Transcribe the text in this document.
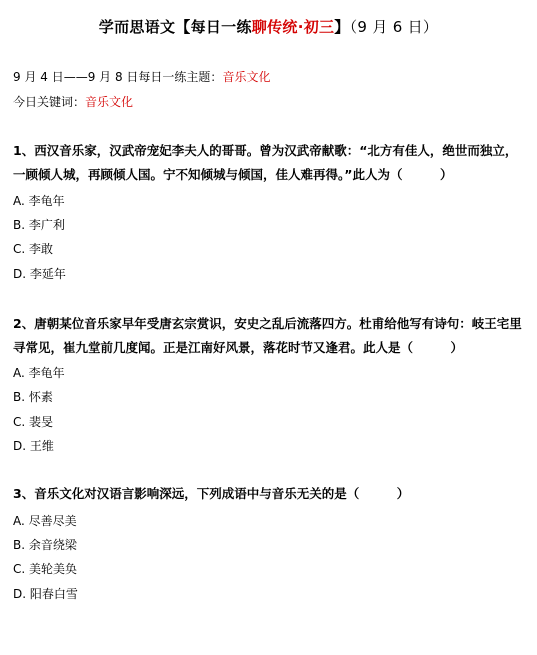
学而思语文【每日一练聊传统·初三】（9 月 6 日）
9 月 4 日——9 月 8 日每日一练主题：音乐文化
今日关键词：音乐文化
1、西汉音乐家，汉武帝宠妃李夫人的哥哥。曾为汉武帝献歌：“北方有佳人，绝世而独立，一顾倾人城，再顾倾人国。宁不知倾城与倾国，佳人难再得。”此人为（　　　）
A. 李龟年
B. 李广利
C. 李敢
D. 李延年
2、唐朝某位音乐家早年受唐玄宗赏识，安史之乱后流落四方。杜甫给他写有诗句：岐王宅里寻常见，崔九堂前几度闻。正是江南好风景，落花时节又逢君。此人是（　　　）
A. 李龟年
B. 怀素
C. 裴旻
D. 王维
3、音乐文化对汉语言影响深远，下列成语中与音乐无关的是（　　　）
A. 尽善尽美
B. 余音绕梁
C. 美轮美奂
D. 阳春白雪
